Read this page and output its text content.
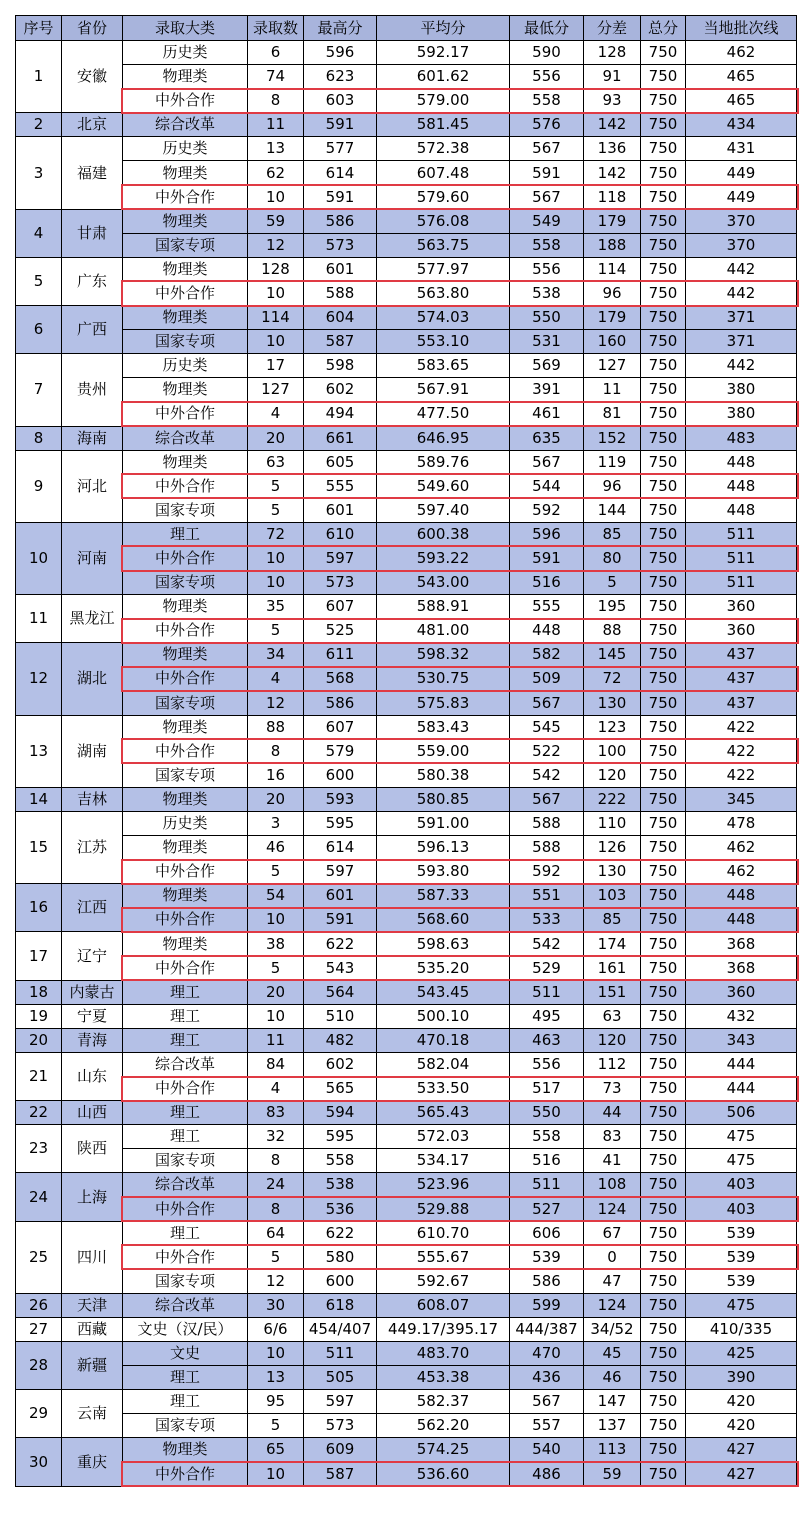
序号	省份	录取大类	录取数	最高分	平均分	最低分	分差	总分	当地批次线
1	安徽	历史类	6	596	592.17	590	128	750	462
		物理类	74	623	601.62	556	91	750	465
		中外合作	8	603	579.00	558	93	750	465
2	北京	综合改革	11	591	581.45	576	142	750	434
3	福建	历史类	13	577	572.38	567	136	750	431
		物理类	62	614	607.48	591	142	750	449
		中外合作	10	591	579.60	567	118	750	449
4	甘肃	物理类	59	586	576.08	549	179	750	370
		国家专项	12	573	563.75	558	188	750	370
5	广东	物理类	128	601	577.97	556	114	750	442
		中外合作	10	588	563.80	538	96	750	442
6	广西	物理类	114	604	574.03	550	179	750	371
		国家专项	10	587	553.10	531	160	750	371
7	贵州	历史类	17	598	583.65	569	127	750	442
		物理类	127	602	567.91	391	11	750	380
		中外合作	4	494	477.50	461	81	750	380
8	海南	综合改革	20	661	646.95	635	152	750	483
9	河北	物理类	63	605	589.76	567	119	750	448
		中外合作	5	555	549.60	544	96	750	448
		国家专项	5	601	597.40	592	144	750	448
10	河南	理工	72	610	600.38	596	85	750	511
		中外合作	10	597	593.22	591	80	750	511
		国家专项	10	573	543.00	516	5	750	511
11	黑龙江	物理类	35	607	588.91	555	195	750	360
		中外合作	5	525	481.00	448	88	750	360
12	湖北	物理类	34	611	598.32	582	145	750	437
		中外合作	4	568	530.75	509	72	750	437
		国家专项	12	586	575.83	567	130	750	437
13	湖南	物理类	88	607	583.43	545	123	750	422
		中外合作	8	579	559.00	522	100	750	422
		国家专项	16	600	580.38	542	120	750	422
14	吉林	物理类	20	593	580.85	567	222	750	345
15	江苏	历史类	3	595	591.00	588	110	750	478
		物理类	46	614	596.13	588	126	750	462
		中外合作	5	597	593.80	592	130	750	462
16	江西	物理类	54	601	587.33	551	103	750	448
		中外合作	10	591	568.60	533	85	750	448
17	辽宁	物理类	38	622	598.63	542	174	750	368
		中外合作	5	543	535.20	529	161	750	368
18	内蒙古	理工	20	564	543.45	511	151	750	360
19	宁夏	理工	10	510	500.10	495	63	750	432
20	青海	理工	11	482	470.18	463	120	750	343
21	山东	综合改革	84	602	582.04	556	112	750	444
		中外合作	4	565	533.50	517	73	750	444
22	山西	理工	83	594	565.43	550	44	750	506
23	陕西	理工	32	595	572.03	558	83	750	475
		国家专项	8	558	534.17	516	41	750	475
24	上海	综合改革	24	538	523.96	511	108	750	403
		中外合作	8	536	529.88	527	124	750	403
25	四川	理工	64	622	610.70	606	67	750	539
		中外合作	5	580	555.67	539	0	750	539
		国家专项	12	600	592.67	586	47	750	539
26	天津	综合改革	30	618	608.07	599	124	750	475
27	西藏	文史（汉/民）	6/6	454/407	449.17/395.17	444/387	34/52	750	410/335
28	新疆	文史	10	511	483.70	470	45	750	425
		理工	13	505	453.38	436	46	750	390
29	云南	理工	95	597	582.37	567	147	750	420
		国家专项	5	573	562.20	557	137	750	420
30	重庆	物理类	65	609	574.25	540	113	750	427
		中外合作	10	587	536.60	486	59	750	427
